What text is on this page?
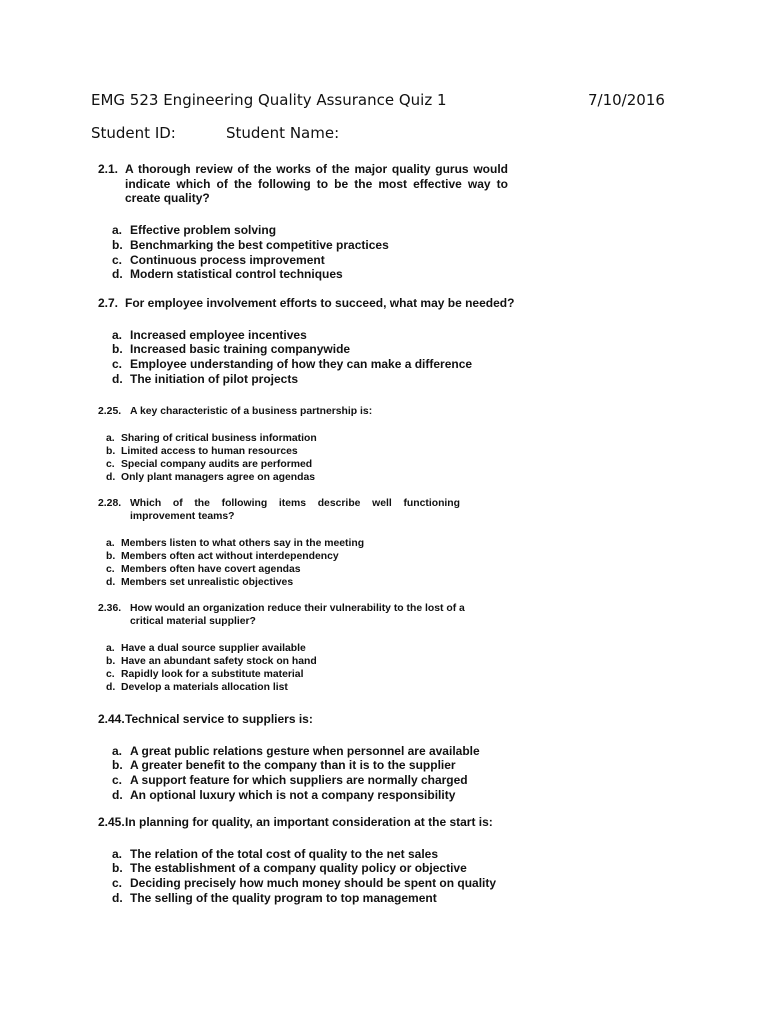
EMG 523 Engineering Quality Assurance Quiz 1	7/10/2016
Student ID:	Student Name:
2.1. A thorough review of the works of the major quality gurus would indicate which of the following to be the most effective way to create quality?
a. Effective problem solving
b. Benchmarking the best competitive practices
c. Continuous process improvement
d. Modern statistical control techniques
2.7. For employee involvement efforts to succeed, what may be needed?
a. Increased employee incentives
b. Increased basic training companywide
c. Employee understanding of how they can make a difference
d. The initiation of pilot projects
2.25. A key characteristic of a business partnership is:
a. Sharing of critical business information
b. Limited access to human resources
c. Special company audits are performed
d. Only plant managers agree on agendas
2.28. Which of the following items describe well functioning improvement teams?
a. Members listen to what others say in the meeting
b. Members often act without interdependency
c. Members often have covert agendas
d. Members set unrealistic objectives
2.36. How would an organization reduce their vulnerability to the lost of a critical material supplier?
a. Have a dual source supplier available
b. Have an abundant safety stock on hand
c. Rapidly look for a substitute material
d. Develop a materials allocation list
2.44. Technical service to suppliers is:
a. A great public relations gesture when personnel are available
b. A greater benefit to the company than it is to the supplier
c. A support feature for which suppliers are normally charged
d. An optional luxury which is not a company responsibility
2.45. In planning for quality, an important consideration at the start is:
a. The relation of the total cost of quality to the net sales
b. The establishment of a company quality policy or objective
c. Deciding precisely how much money should be spent on quality
d. The selling of the quality program to top management
